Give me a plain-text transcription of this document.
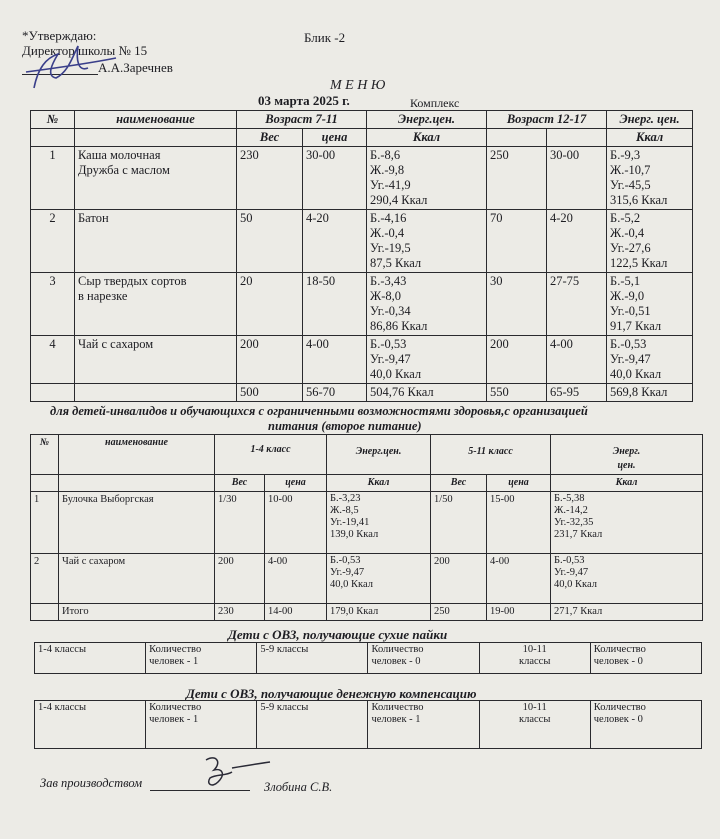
*Утверждаю:
Директор школы № 15
А.А.Заречнев
Блик -2
М Е Н Ю
03 марта 2025 г.	Комплекс
№	наименование	Возраст 7-11		Энерг.цен.	Возраст 12-17		Энерг. цен.
		Вес	цена	Ккал			Ккал
1	Каша молочная
Дружба с маслом	230	30-00	Б.-8,6
Ж.-9,8
Уг.-41,9
290,4 Ккал	250	30-00	Б.-9,3
Ж.-10,7
Уг.-45,5
315,6 Ккал
2	Батон	50	4-20	Б.-4,16
Ж.-0,4
Уг.-19,5
87,5 Ккал	70	4-20	Б.-5,2
Ж.-0,4
Уг.-27,6
122,5 Ккал
3	Сыр твердых сортов
в нарезке	20	18-50	Б.-3,43
Ж-8,0
Уг.-0,34
86,86 Ккал	30	27-75	Б.-5,1
Ж.-9,0
Уг.-0,51
91,7 Ккал
4	Чай с сахаром	200	4-00	Б.-0,53
Уг.-9,47
40,0 Ккал	200	4-00	Б.-0,53
Уг.-9,47
40,0 Ккал
		500	56-70	504,76 Ккал	550	65-95	569,8 Ккал
для детей-инвалидов и обучающихся с ограниченными возможностями здоровья,с организацией
питания (второе питание)
№	наименование	1-4 класс		Энерг.цен.	5-11 класс		Энерг.
цен.
		Вес	цена	Ккал	Вес	цена	Ккал
1	Булочка Выборгская	1/30	10-00	Б.-3,23
Ж.-8,5
Уг.-19,41
139,0 Ккал	1/50	15-00	Б.-5,38
Ж.-14,2
Уг.-32,35
231,7 Ккал
2	Чай с сахаром	200	4-00	Б.-0,53
Уг.-9,47
40,0 Ккал	200	4-00	Б.-0,53
Уг.-9,47
40,0 Ккал
	Итого	230	14-00	179,0 Ккал	250	19-00	271,7 Ккал
Дети с ОВЗ, получающие сухие пайки
1-4 классы	Количество
человек - 1	5-9 классы	Количество
человек - 0	10-11
классы	Количество
человек - 0
Дети с ОВЗ, получающие денежную компенсацию
1-4 классы	Количество
человек - 1	5-9 классы	Количество
человек - 1	10-11
классы	Количество
человек - 0
Зав производством	Злобина С.В.
